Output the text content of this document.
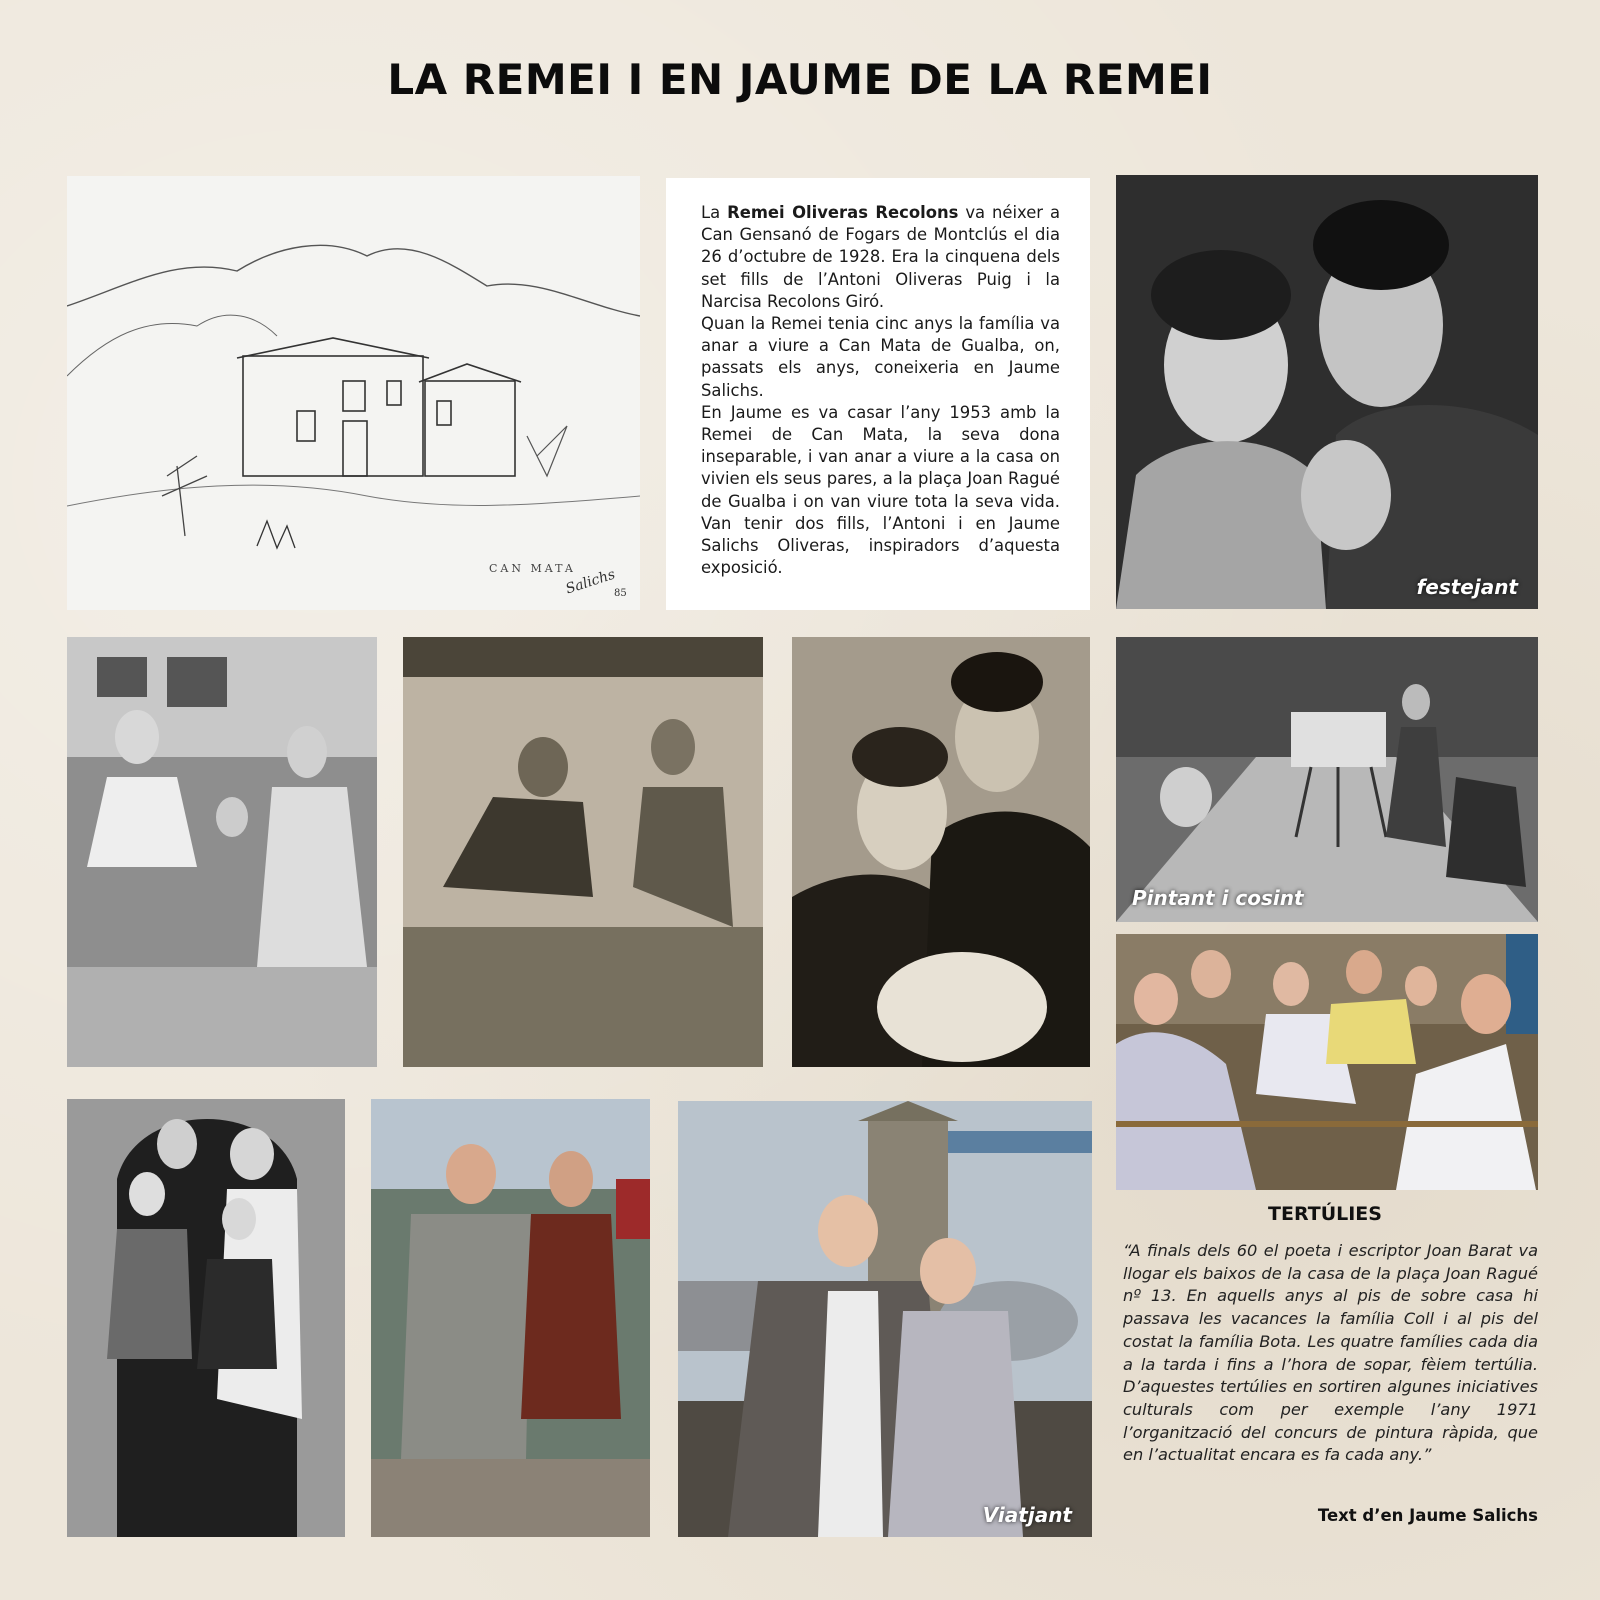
LA REMEI I EN JAUME DE LA REMEI
CAN MATA
Salichs
85

La Remei Oliveras Recolons va néixer a Can Gensanó de Fogars de Montclús el dia 26 d’octubre de 1928. Era la cinquena dels set fills de l’Antoni Oliveras Puig i la Narcisa Recolons Giró.

Quan la Remei tenia cinc anys la família va anar a viure a Can Mata de Gualba, on, passats els anys, coneixeria en Jaume Salichs.

En Jaume es va casar l’any 1953 amb la Remei de Can Mata, la seva dona inseparable, i van anar a viure a la casa on vivien els seus pares, a la plaça Joan Ragué de Gualba i on van viure tota la seva vida. Van tenir dos fills, l’Antoni i en Jaume Salichs Oliveras, inspiradors d’aquesta exposició.

festejant
Pintant i cosint
Viatjant
TERTÚLIES
“A finals dels 60 el poeta i escriptor Joan Barat va llogar els baixos de la casa de la plaça Joan Ragué nº 13. En aquells anys al pis de sobre casa hi passava les vacances la família Coll i al pis del costat la família Bota. Les quatre famílies cada dia a la tarda i fins a l’hora de sopar, fèiem tertúlia. D’aquestes tertúlies en sortiren algunes iniciatives culturals com per exemple l’any 1971 l’organització del concurs de pintura ràpida, que en l’actualitat encara es fa cada any.”
Text d’en Jaume Salichs
